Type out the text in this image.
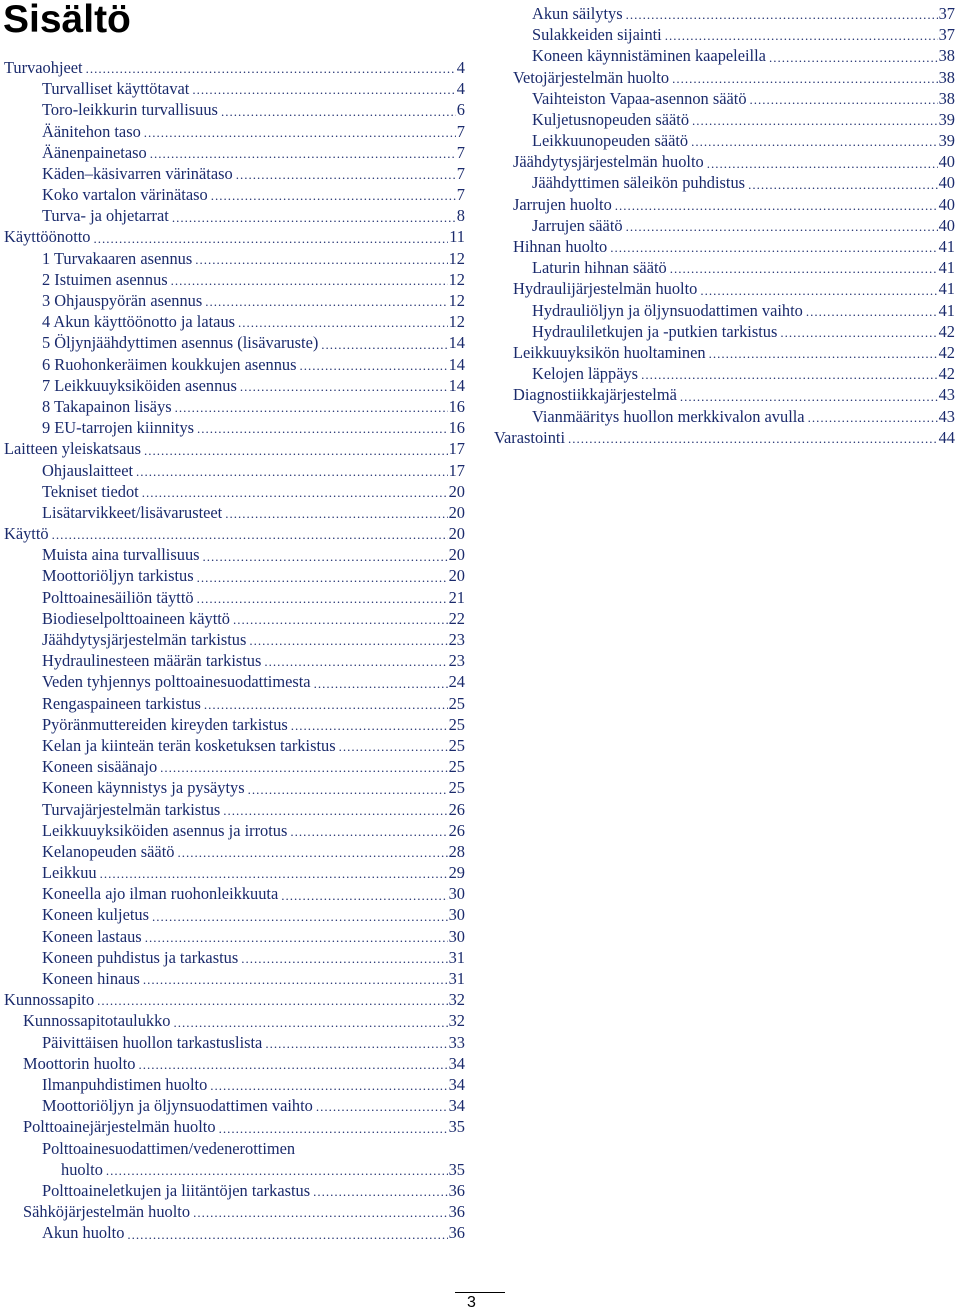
Sisältö
Turvaohjeet .....	4
Turvalliset käyttötavat .....	4
Toro-leikkurin turvallisuus .....	6
Äänitehon taso .....	7
Äänenpainetaso .....	7
Käden–käsivarren värinätaso .....	7
Koko vartalon värinätaso .....	7
Turva- ja ohjetarrat .....	8
Käyttöönotto .....	11
1 Turvakaaren asennus .....	12
2 Istuimen asennus .....	12
3 Ohjauspyörän asennus .....	12
4 Akun käyttöönotto ja lataus .....	12
5 Öljynjäähdyttimen asennus (lisävaruste) .....	14
6 Ruohonkeräimen koukkujen asennus .....	14
7 Leikkuuyksiköiden asennus .....	14
8 Takapainon lisäys .....	16
9 EU-tarrojen kiinnitys .....	16
Laitteen yleiskatsaus .....	17
Ohjauslaitteet .....	17
Tekniset tiedot .....	20
Lisätarvikkeet/lisävarusteet .....	20
Käyttö .....	20
Muista aina turvallisuus .....	20
Moottoriöljyn tarkistus .....	20
Polttoainesäiliön täyttö .....	21
Biodieselpolttoaineen käyttö .....	22
Jäähdytysjärjestelmän tarkistus .....	23
Hydraulinesteen määrän tarkistus .....	23
Veden tyhjennys polttoainesuodattimesta .....	24
Rengaspaineen tarkistus .....	25
Pyöränmuttereiden kireyden tarkistus .....	25
Kelan ja kiinteän terän kosketuksen tarkistus .....	25
Koneen sisäänajo .....	25
Koneen käynnistys ja pysäytys .....	25
Turvajärjestelmän tarkistus .....	26
Leikkuuyksiköiden asennus ja irrotus .....	26
Kelanopeuden säätö .....	28
Leikkuu .....	29
Koneella ajo ilman ruohonleikkuuta .....	30
Koneen kuljetus .....	30
Koneen lastaus .....	30
Koneen puhdistus ja tarkastus .....	31
Koneen hinaus .....	31
Kunnossapito .....	32
Kunnossapitotaulukko .....	32
Päivittäisen huollon tarkastuslista .....	33
Moottorin huolto .....	34
Ilmanpuhdistimen huolto .....	34
Moottoriöljyn ja öljynsuodattimen vaihto .....	34
Polttoainejärjestelmän huolto .....	35
Polttoainesuodattimen/vedenerottimen
huolto .....	35
Polttoaineletkujen ja liitäntöjen tarkastus .....	36
Sähköjärjestelmän huolto .....	36
Akun huolto .....	36
Akun säilytys .....	37
Sulakkeiden sijainti .....	37
Koneen käynnistäminen kaapeleilla .....	38
Vetojärjestelmän huolto .....	38
Vaihteiston Vapaa-asennon säätö .....	38
Kuljetusnopeuden säätö .....	39
Leikkuunopeuden säätö .....	39
Jäähdytysjärjestelmän huolto .....	40
Jäähdyttimen säleikön puhdistus .....	40
Jarrujen huolto .....	40
Jarrujen säätö .....	40
Hihnan huolto .....	41
Laturin hihnan säätö .....	41
Hydraulijärjestelmän huolto .....	41
Hydrauliöljyn ja öljynsuodattimen vaihto .....	41
Hydrauliletkujen ja -putkien tarkistus .....	42
Leikkuuyksikön huoltaminen .....	42
Kelojen läppäys .....	42
Diagnostiikkajärjestelmä .....	43
Vianmääritys huollon merkkivalon avulla .....	43
Varastointi .....	44
3
